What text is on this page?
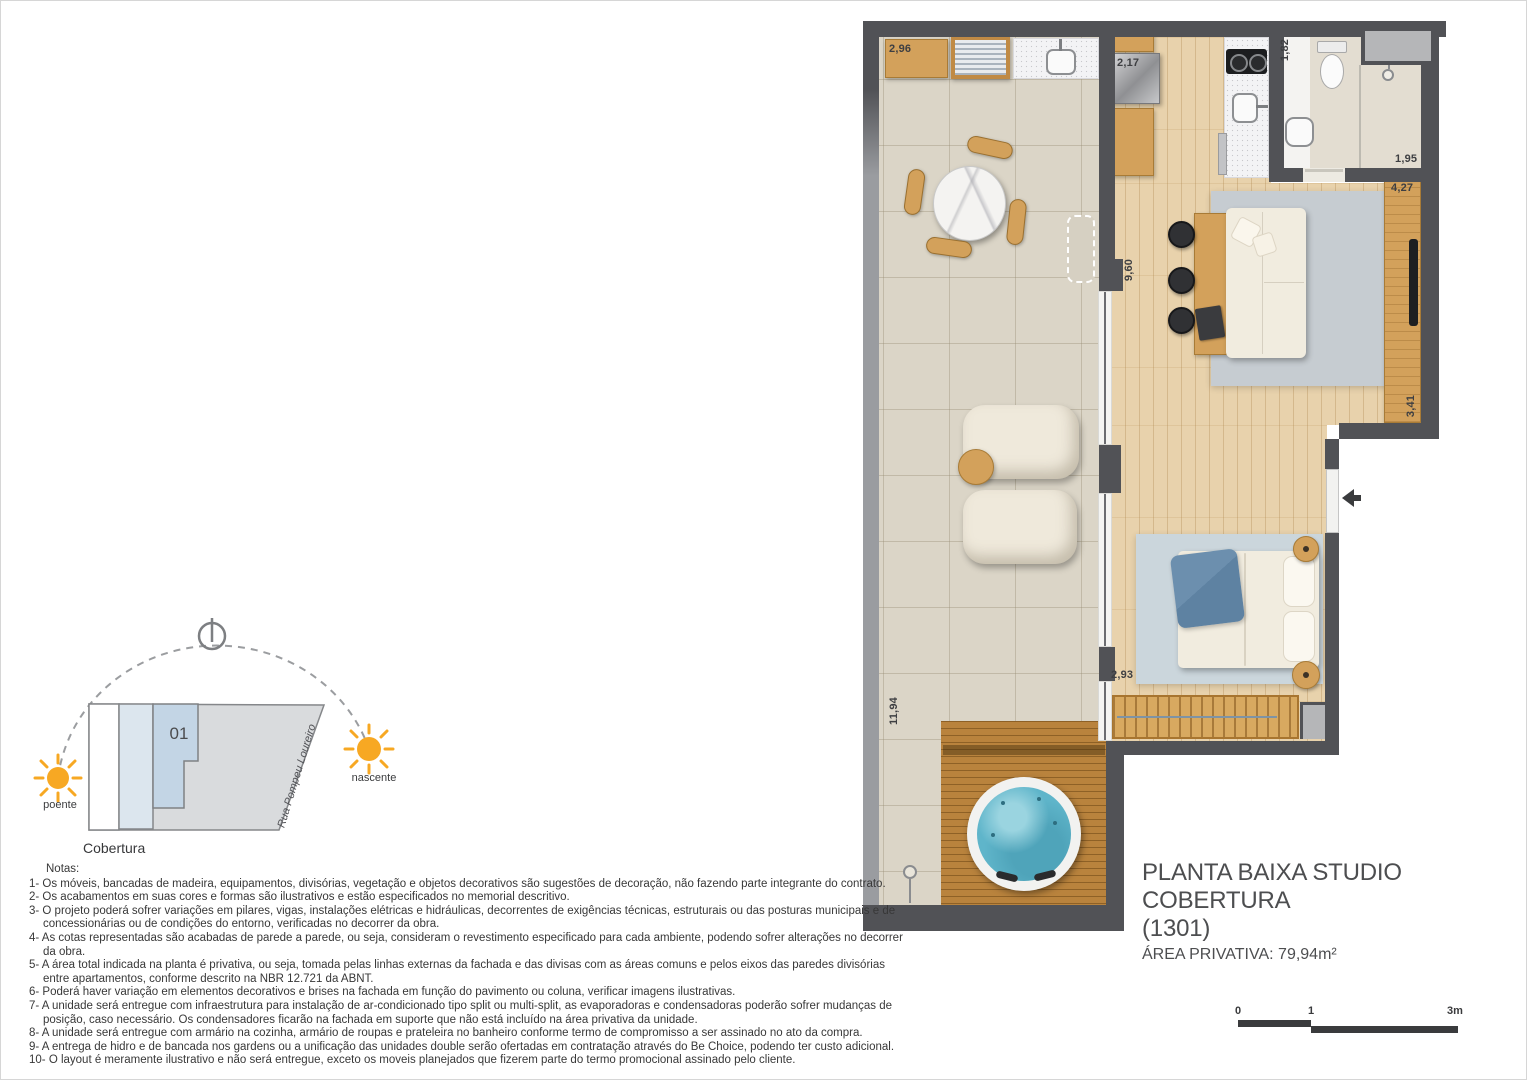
2,96
2,17
1,82
1,95
4,27
9,60
3,41
11,94
2,93
01	Rua Pompeu Loureiro
poente
nascente
Cobertura
Notas:
1- Os móveis, bancadas de madeira, equipamentos, divisórias, vegetação e objetos decorativos são sugestões de decoração, não fazendo parte integrante do contrato.
2- Os acabamentos em suas cores e formas são ilustrativos e estão especificados no memorial descritivo.
3- O projeto poderá sofrer variações em pilares, vigas, instalações elétricas e hidráulicas, decorrentes de exigências técnicas, estruturais ou das posturas municipais e de concessionárias ou de condições do entorno, verificadas no decorrer da obra.
4- As cotas representadas são acabadas de parede a parede, ou seja, consideram o revestimento especificado para cada ambiente, podendo sofrer alterações no decorrer da obra.
5- A área total indicada na planta é privativa, ou seja, tomada pelas linhas externas da fachada e das divisas com as áreas comuns e pelos eixos das paredes divisórias entre apartamentos, conforme descrito na NBR 12.721 da ABNT.
6- Poderá haver variação em elementos decorativos e brises na fachada em função do pavimento ou coluna, verificar imagens ilustrativas.
7- A unidade será entregue com infraestrutura para instalação de ar-condicionado tipo split ou multi-split, as evaporadoras e condensadoras poderão sofrer mudanças de posição, caso necessário. Os condensadores ficarão na fachada em suporte que não está incluído na área privativa da unidade.
8- A unidade será entregue com armário na cozinha, armário de roupas e prateleira no banheiro conforme termo de compromisso a ser assinado no ato da compra.
9- A entrega de hidro e de bancada nos gardens ou a unificação das unidades double serão ofertadas em contratação através do Be Choice, podendo ter custo adicional.
10- O layout é meramente ilustrativo e não será entregue, exceto os moveis planejados que fizerem parte do termo promocional assinado pelo cliente.
PLANTA BAIXA STUDIO COBERTURA
(1301)
ÁREA PRIVATIVA: 79,94m²
0	1	3m
